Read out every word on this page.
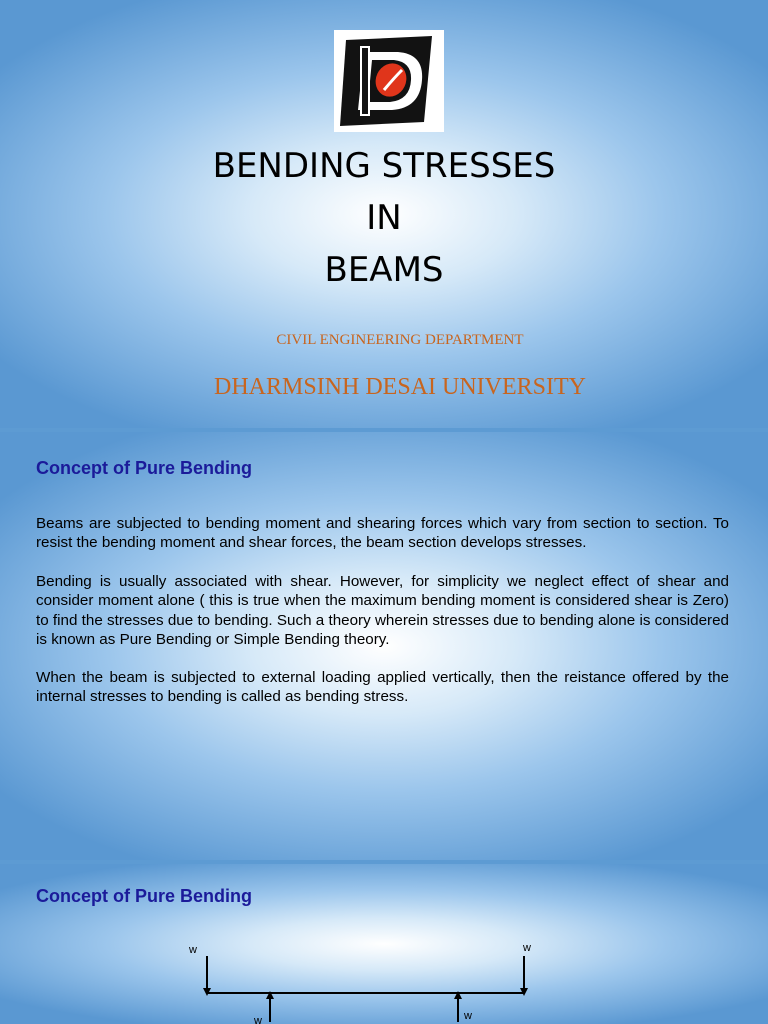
BENDING STRESSES
IN
BEAMS
CIVIL ENGINEERING DEPARTMENT
DHARMSINH DESAI UNIVERSITY
Concept of Pure Bending

Beams are subjected to bending moment and shearing forces which vary from section to section. To resist the bending moment and shear forces, the beam section develops stresses.

Bending is usually associated with shear. However, for simplicity we neglect effect of shear and consider moment alone ( this is true when the maximum bending moment is considered shear is Zero) to find the stresses due to bending. Such a theory wherein stresses due to bending alone is considered is known as Pure Bending or Simple Bending theory.

When the beam is subjected to external loading applied vertically, then the reistance offered by the internal stresses to bending is called as bending stress.

Concept of Pure Bending
w	w
w	w
